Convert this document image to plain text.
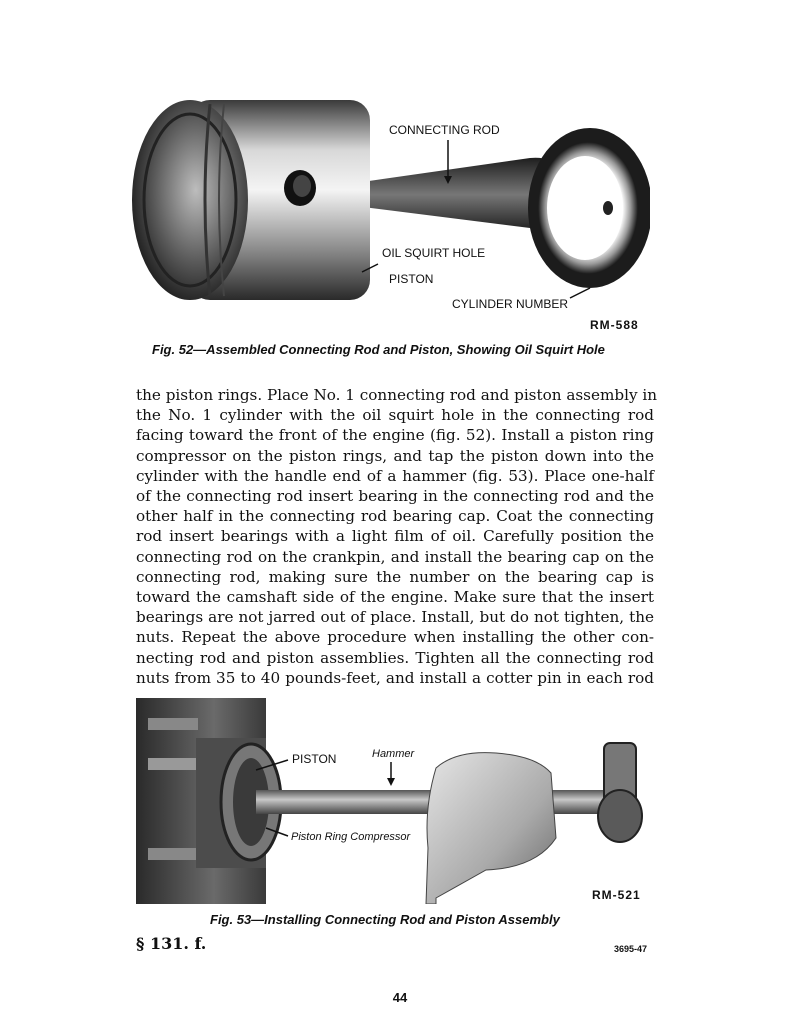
CONNECTING ROD
OIL SQUIRT HOLE
PISTON
CYLINDER NUMBER
RM-588
Fig. 52—Assembled Connecting Rod and Piston, Showing Oil Squirt Hole
the piston rings. Place No. 1 connecting rod and piston assembly in
the No. 1 cylinder with the oil squirt hole in the connecting rod
facing toward the front of the engine (fig. 52). Install a piston ring
compressor on the piston rings, and tap the piston down into the
cylinder with the handle end of a hammer (fig. 53). Place one-half
of the connecting rod insert bearing in the connecting rod and the
other half in the connecting rod bearing cap. Coat the connecting
rod insert bearings with a light film of oil. Carefully position the
connecting rod on the crankpin, and install the bearing cap on the
connecting rod, making sure the number on the bearing cap is
toward the camshaft side of the engine. Make sure that the insert
bearings are not jarred out of place. Install, but do not tighten, the
nuts. Repeat the above procedure when installing the other con-
necting rod and piston assemblies. Tighten all the connecting rod
nuts from 35 to 40 pounds-feet, and install a cotter pin in each rod
PISTON	Hammer
Piston Ring Compressor
RM-521
Fig. 53—Installing Connecting Rod and Piston Assembly
§ 131. f.	3695-47
44
